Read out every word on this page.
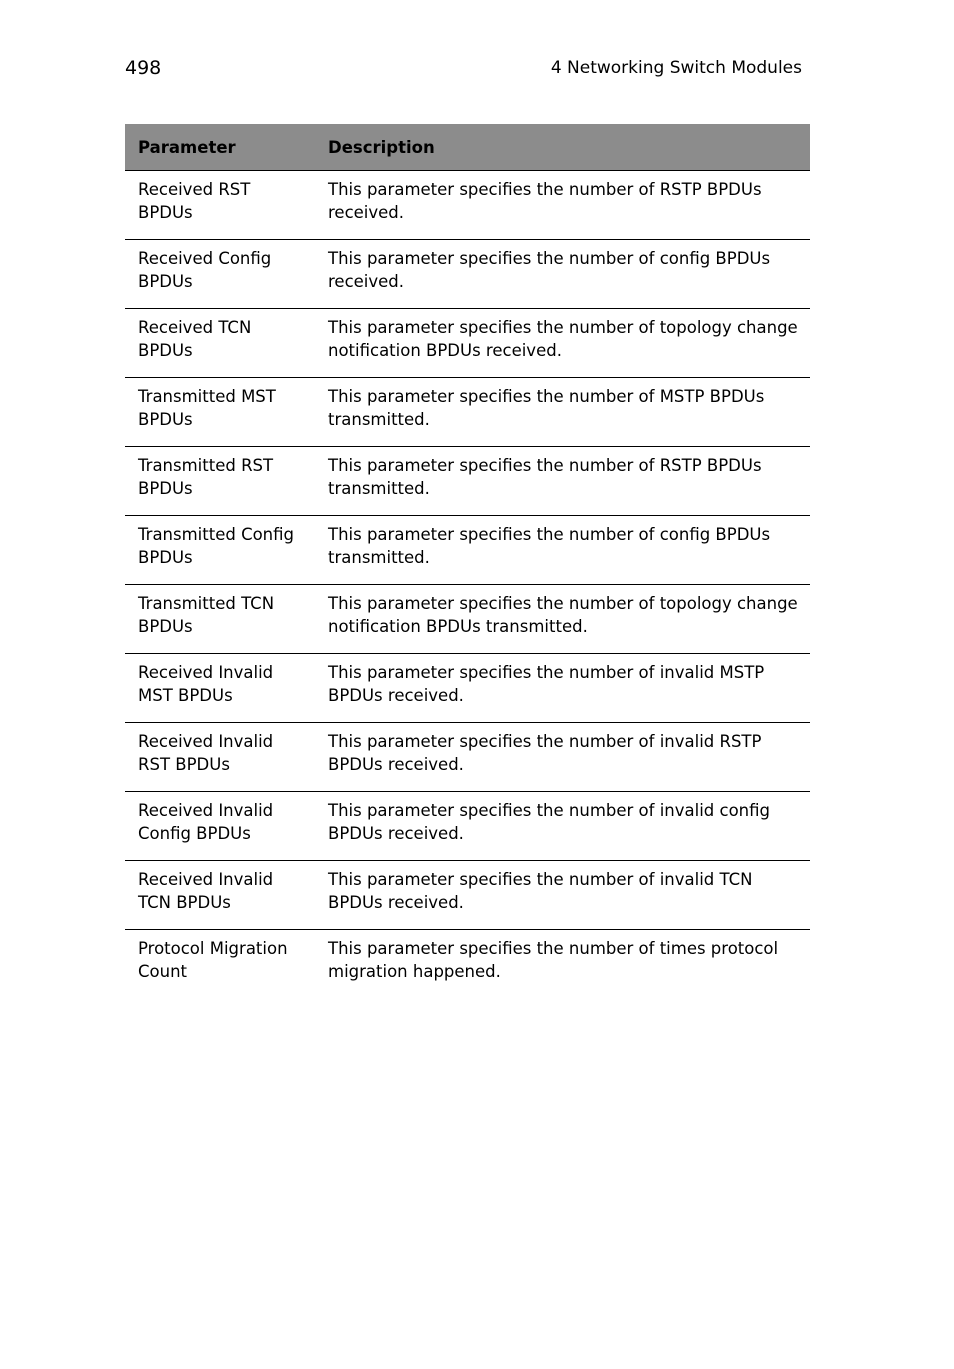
498	4 Networking Switch Modules
Parameter	Description
Received RST BPDUs	This parameter specifies the number of RSTP BPDUs received.
Received Config BPDUs	This parameter specifies the number of config BPDUs received.
Received TCN BPDUs	This parameter specifies the number of topology change notification BPDUs received.
Transmitted MST BPDUs	This parameter specifies the number of MSTP BPDUs transmitted.
Transmitted RST BPDUs	This parameter specifies the number of RSTP BPDUs transmitted.
Transmitted Config BPDUs	This parameter specifies the number of config BPDUs transmitted.
Transmitted TCN BPDUs	This parameter specifies the number of topology change notification BPDUs transmitted.
Received Invalid MST BPDUs	This parameter specifies the number of invalid MSTP BPDUs received.
Received Invalid RST BPDUs	This parameter specifies the number of invalid RSTP BPDUs received.
Received Invalid Config BPDUs	This parameter specifies the number of invalid config BPDUs received.
Received Invalid TCN BPDUs	This parameter specifies the number of invalid TCN BPDUs received.
Protocol Migration Count	This parameter specifies the number of times protocol migration happened.
